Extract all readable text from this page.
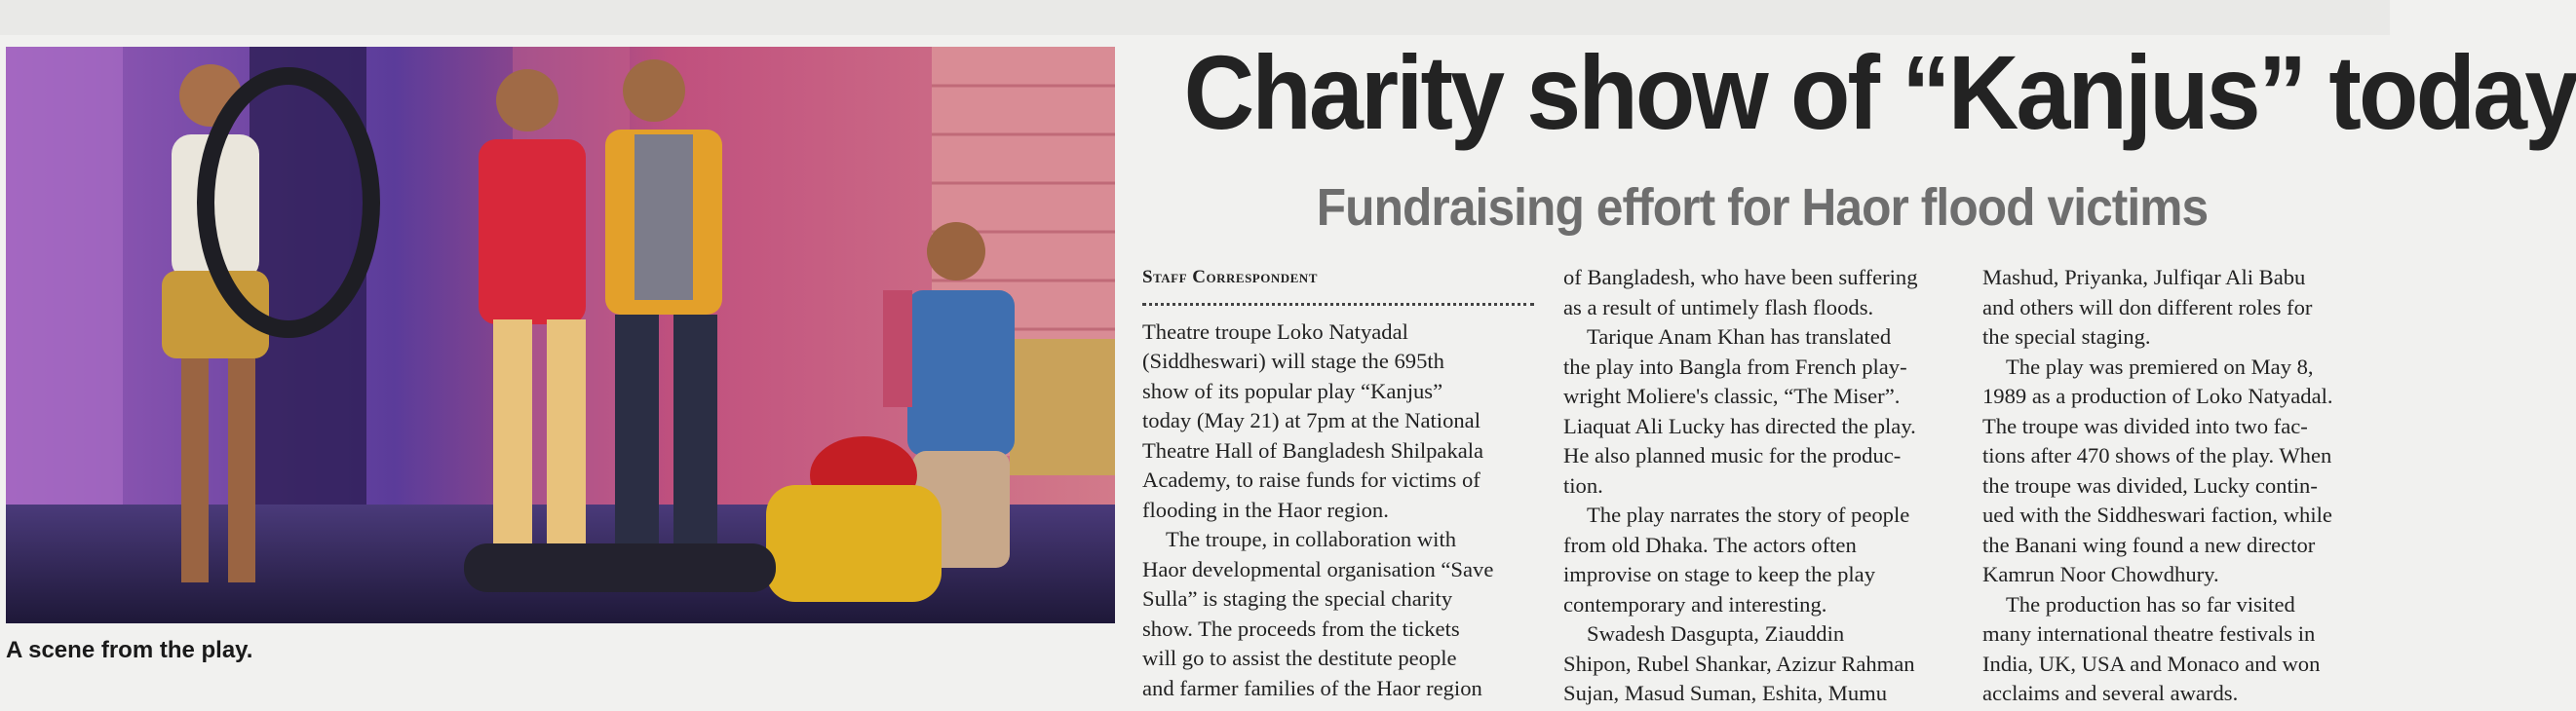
A scene from the play.
Charity show of “Kanjus” today
Fundraising effort for Haor flood victims

Staff Correspondent

Theatre troupe Loko Natyadal
(Siddheswari) will stage the 695th
show of its popular play “Kanjus”
today (May 21) at 7pm at the National
Theatre Hall of Bangladesh Shilpakala
Academy, to raise funds for victims of
flooding in the Haor region.
The troupe, in collaboration with
Haor developmental organisation “Save
Sulla” is staging the special charity
show. The proceeds from the tickets
will go to assist the destitute people
and farmer families of the Haor region
of Bangladesh, who have been suffering
as a result of untimely flash floods.
Tarique Anam Khan has translated
the play into Bangla from French play-
wright Moliere's classic, “The Miser”.
Liaquat Ali Lucky has directed the play.
He also planned music for the produc-
tion.
The play narrates the story of people
from old Dhaka. The actors often
improvise on stage to keep the play
contemporary and interesting.
Swadesh Dasgupta, Ziauddin
Shipon, Rubel Shankar, Azizur Rahman
Sujan, Masud Suman, Eshita, Mumu
Mashud, Priyanka, Julfiqar Ali Babu
and others will don different roles for
the special staging.
The play was premiered on May 8,
1989 as a production of Loko Natyadal.
The troupe was divided into two fac-
tions after 470 shows of the play. When
the troupe was divided, Lucky contin-
ued with the Siddheswari faction, while
the Banani wing found a new director
Kamrun Noor Chowdhury.
The production has so far visited
many international theatre festivals in
India, UK, USA and Monaco and won
acclaims and several awards.
